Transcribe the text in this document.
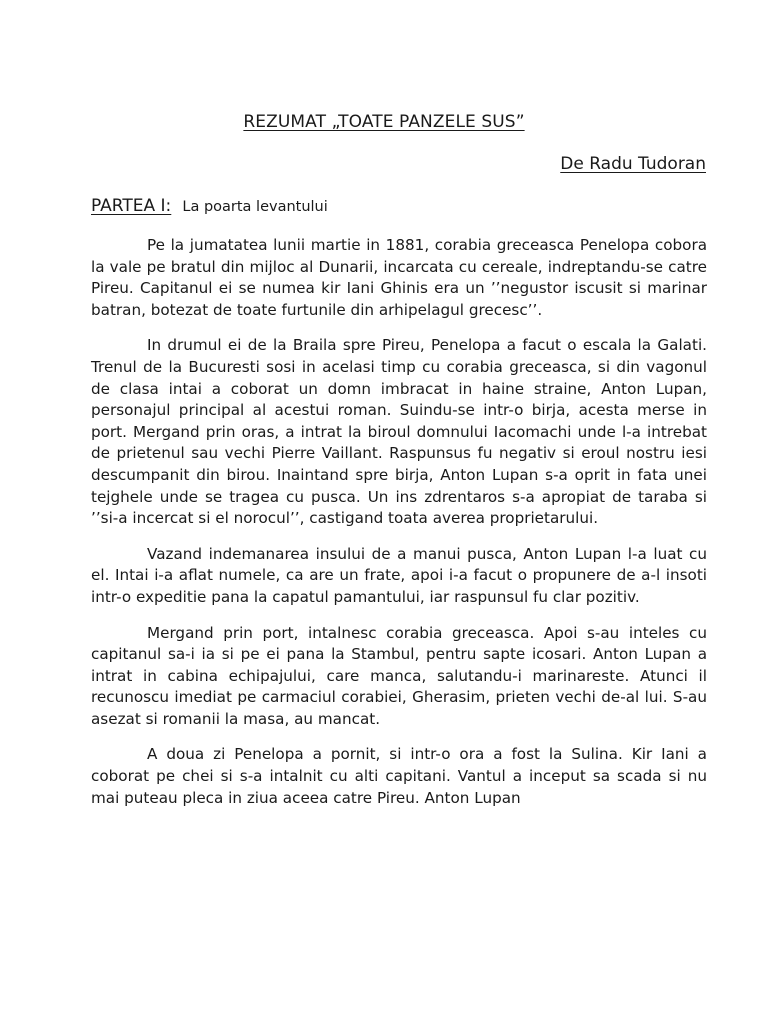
REZUMAT „TOATE PANZELE SUS”
De Radu Tudoran
PARTEA I: La poarta levantului

Pe la jumatatea lunii martie in 1881, corabia greceasca Penelopa cobora la vale pe bratul din mijloc al Dunarii, incarcata cu cereale, indreptandu-se catre Pireu. Capitanul ei se numea kir Iani Ghinis era un ’’negustor iscusit si marinar batran, botezat de toate furtunile din arhipelagul grecesc’’.

In drumul ei de la Braila spre Pireu, Penelopa a facut o escala la Galati. Trenul de la Bucuresti sosi in acelasi timp cu corabia greceasca, si din vagonul de clasa intai a coborat un domn imbracat in haine straine, Anton Lupan, personajul principal al acestui roman. Suindu-se intr-o birja, acesta merse in port. Mergand prin oras, a intrat la biroul domnului Iacomachi unde l-a intrebat de prietenul sau vechi Pierre Vaillant. Raspunsus fu negativ si eroul nostru iesi descumpanit din birou. Inaintand spre birja, Anton Lupan s-a oprit in fata unei tejghele unde se tragea cu pusca. Un ins zdrentaros s-a apropiat de taraba si ’’si-a incercat si el norocul’’, castigand toata averea proprietarului.

Vazand indemanarea insului de a manui pusca, Anton Lupan l-a luat cu el. Intai i-a aflat numele, ca are un frate, apoi i-a facut o propunere de a-l insoti intr-o expeditie pana la capatul pamantului, iar raspunsul fu clar pozitiv.

Mergand prin port, intalnesc corabia greceasca. Apoi s-au inteles cu capitanul sa-i ia si pe ei pana la Stambul, pentru sapte icosari. Anton Lupan a intrat in cabina echipajului, care manca, salutandu-i marinareste. Atunci il recunoscu imediat pe carmaciul corabiei, Gherasim, prieten vechi de-al lui. S-au asezat si romanii la masa, au mancat.

A doua zi Penelopa a pornit, si intr-o ora a fost la Sulina. Kir Iani a coborat pe chei si s-a intalnit cu alti capitani. Vantul a inceput sa scada si nu mai puteau pleca in ziua aceea catre Pireu. Anton Lupan
